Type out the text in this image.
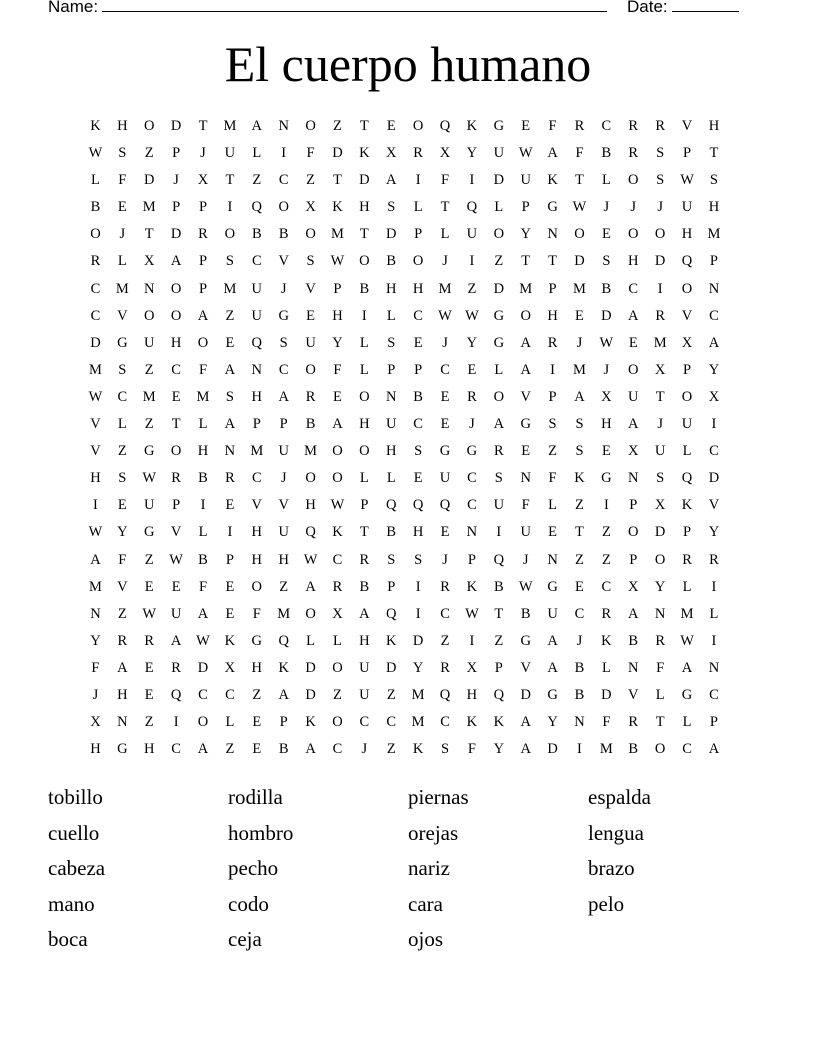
Name:	Date:
El cuerpo humano
K	H	O	D	T	M	A	N	O	Z	T	E	O	Q	K	G	E	F	R	C	R	R	V	H
W	S	Z	P	J	U	L	I	F	D	K	X	R	X	Y	U	W	A	F	B	R	S	P	T
L	F	D	J	X	T	Z	C	Z	T	D	A	I	F	I	D	U	K	T	L	O	S	W	S
B	E	M	P	P	I	Q	O	X	K	H	S	L	T	Q	L	P	G	W	J	J	J	U	H
O	J	T	D	R	O	B	B	O	M	T	D	P	L	U	O	Y	N	O	E	O	O	H	M
R	L	X	A	P	S	C	V	S	W	O	B	O	J	I	Z	T	T	D	S	H	D	Q	P
C	M	N	O	P	M	U	J	V	P	B	H	H	M	Z	D	M	P	M	B	C	I	O	N
C	V	O	O	A	Z	U	G	E	H	I	L	C	W W	G	O	H	E	D	A	R	V	C
D	G	U	H	O	E	Q	S	U	Y	L	S	E	J	Y	G	A	R	J	W	E	M	X	A
M	S	Z	C	F	A	N	C	O	F	L	P	P	C	E	L	A	I	M	J	O	X	P	Y
W	C	M	E	M	S	H	A	R	E	O	N	B	E	R	O	V	P	A	X	U	T	O	X
V	L	Z	T	L	A	P	P	B	A	H	U	C	E	J	A	G	S	S	H	A	J	U	I
V	Z	G	O	H	N	M	U	M	O	O	H	S	G	G	R	E	Z	S	E	X	U	L	C
H	S	W	R	B	R	C	J	O	O	L	L	E	U	C	S	N	F	K	G	N	S	Q	D
I	E	U	P	I	E	V	V	H	W	P	Q	Q	Q	C	U	F	L	Z	I	P	X	K	V
W	Y	G	V	L	I	H	U	Q	K	T	B	H	E	N	I	U	E	T	Z	O	D	P	Y
A	F	Z	W	B	P	H	H	W	C	R	S	S	J	P	Q	J	N	Z	Z	P	O	R	R
M	V	E	E	F	E	O	Z	A	R	B	P	I	R	K	B	W	G	E	C	X	Y	L	I
N	Z	W	U	A	E	F	M	O	X	A	Q	I	C	W	T	B	U	C	R	A	N	M	L
Y	R	R	A	W	K	G	Q	L	L	H	K	D	Z	I	Z	G	A	J	K	B	R	W	I
F	A	E	R	D	X	H	K	D	O	U	D	Y	R	X	P	V	A	B	L	N	F	A	N
J	H	E	Q	C	C	Z	A	D	Z	U	Z	M	Q	H	Q	D	G	B	D	V	L	G	C
X	N	Z	I	O	L	E	P	K	O	C	C	M	C	K	K	A	Y	N	F	R	T	L	P
H	G	H	C	A	Z	E	B	A	C	J	Z	K	S	F	Y	A	D	I	M	B	O	C	A
tobillo
cuello
cabeza
mano
boca
rodilla
hombro
pecho
codo
ceja
piernas
orejas
nariz
cara
ojos
espalda
lengua
brazo
pelo
